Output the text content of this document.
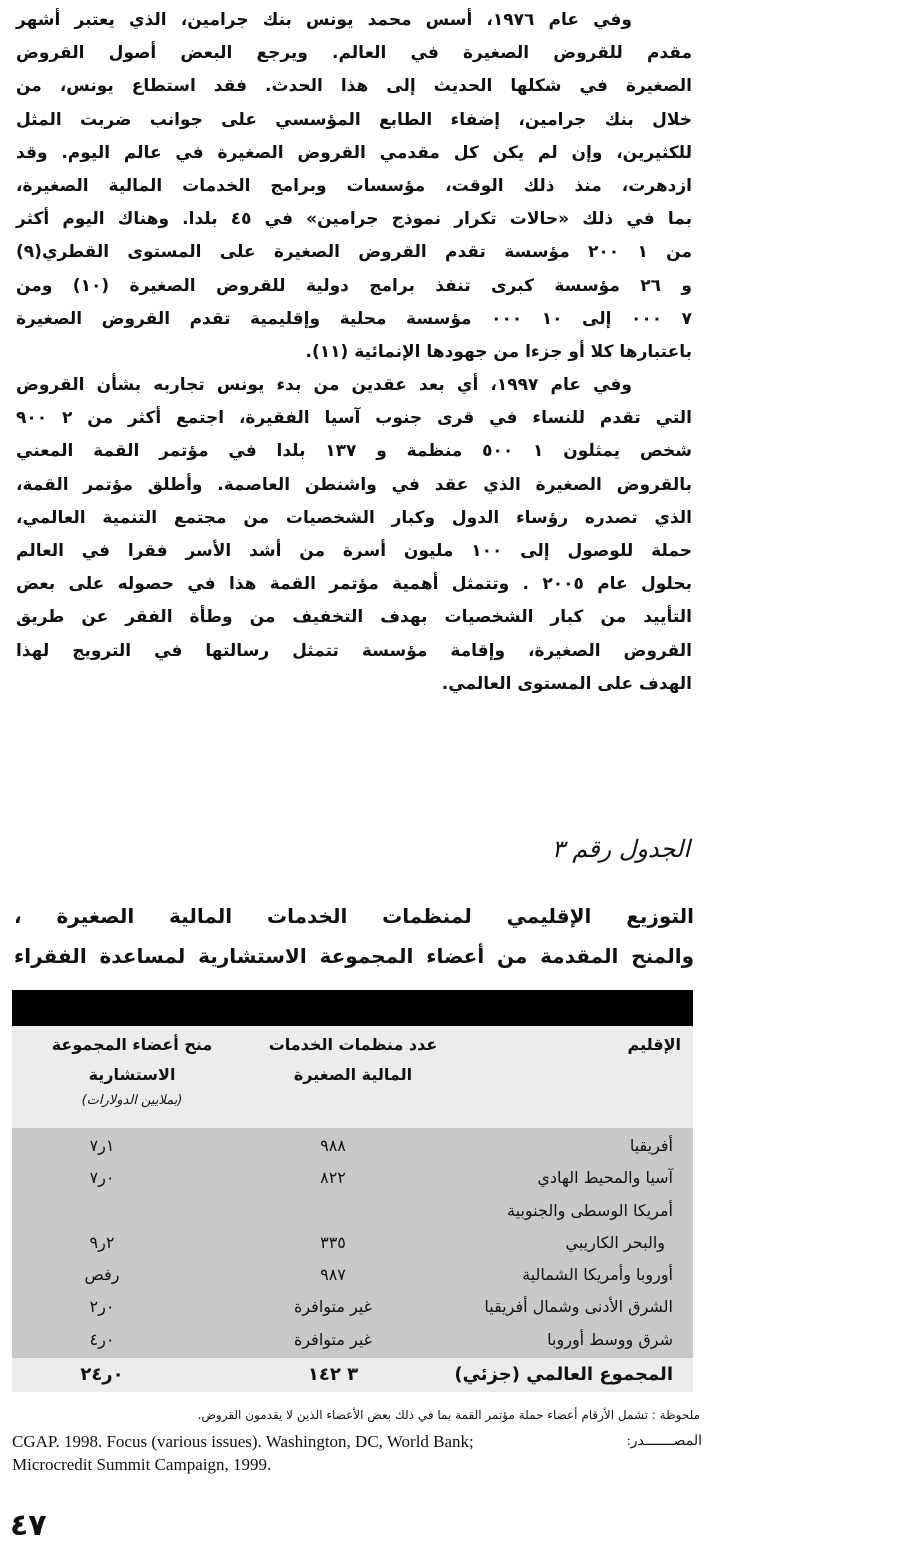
وفي عام ١٩٧٦، أسس محمد يونس بنك جرامين، الذي يعتبر أشهر
مقدم للقروض الصغيرة في العالم. ويرجع البعض أصول القروض
الصغيرة في شكلها الحديث إلى هذا الحدث. فقد استطاع يونس، من
خلال بنك جرامين، إضفاء الطابع المؤسسي على جوانب ضربت المثل
للكثيرين، وإن لم يكن كل مقدمي القروض الصغيرة في عالم اليوم. وقد
ازدهرت، منذ ذلك الوقت، مؤسسات وبرامج الخدمات المالية الصغيرة،
بما في ذلك «حالات تكرار نموذج جرامين» في ٤٥ بلدا. وهناك اليوم أكثر
من ١ ٢٠٠ مؤسسة تقدم القروض الصغيرة على المستوى القطري(٩)
و ٢٦ مؤسسة كبرى تنفذ برامج دولية للقروض الصغيرة (١٠) ومن
٧ ٠٠٠ إلى ١٠ ٠٠٠ مؤسسة محلية وإقليمية تقدم القروض الصغيرة
باعتبارها كلا أو جزءا من جهودها الإنمائية (١١).
وفي عام ١٩٩٧، أي بعد عقدين من بدء يونس تجاربه بشأن القروض
التي تقدم للنساء في قرى جنوب آسيا الفقيرة، اجتمع أكثر من ٢ ٩٠٠
شخص يمثلون ١ ٥٠٠ منظمة و ١٣٧ بلدا في مؤتمر القمة المعني
بالقروض الصغيرة الذي عقد في واشنطن العاصمة. وأطلق مؤتمر القمة،
الذي تصدره رؤساء الدول وكبار الشخصيات من مجتمع التنمية العالمي،
حملة للوصول إلى ١٠٠ مليون أسرة من أشد الأسر فقرا في العالم
بحلول عام ٢٠٠٥ . وتتمثل أهمية مؤتمر القمة هذا في حصوله على بعض
التأييد من كبار الشخصيات بهدف التخفيف من وطأة الفقر عن طريق
القروض الصغيرة، وإقامة مؤسسة تتمثل رسالتها في الترويج لهذا
الهدف على المستوى العالمي.
الجدول رقم ٣
التوزيع الإقليمي لمنظمات الخدمات المالية الصغيرة ،
والمنح المقدمة من أعضاء المجموعة الاستشارية لمساعدة الفقراء
الإقليم
عدد منظمات الخدمات
المالية الصغيرة
منح أعضاء المجموعة
الاستشارية
(بملايين الدولارات)
أفريقيا
٩٨٨
٧ر١
آسيا والمحيط الهادي
٨٢٢
٧ر٠
أمريكا الوسطى والجنوبية
والبحر الكاريبي
٣٣٥
٩ر٢
أوروبا وأمريكا الشمالية
٩٨٧
صفر
الشرق الأدنى وشمال أفريقيا
غير متوافرة
٢ر٠
شرق ووسط أوروبا
غير متوافرة
٤ر٠
المجموع العالمي (جزئي)
٣ ١٤٢
٢٤ر٠
ملحوظة : تشمل الأرقام أعضاء حملة مؤتمر القمة بما في ذلك بعض الأعضاء الذين لا يقدمون القروض.
المصـــــــدر:
CGAP. 1998. Focus (various issues). Washington, DC, World Bank;
Microcredit Summit Campaign, 1999.
٤٧
